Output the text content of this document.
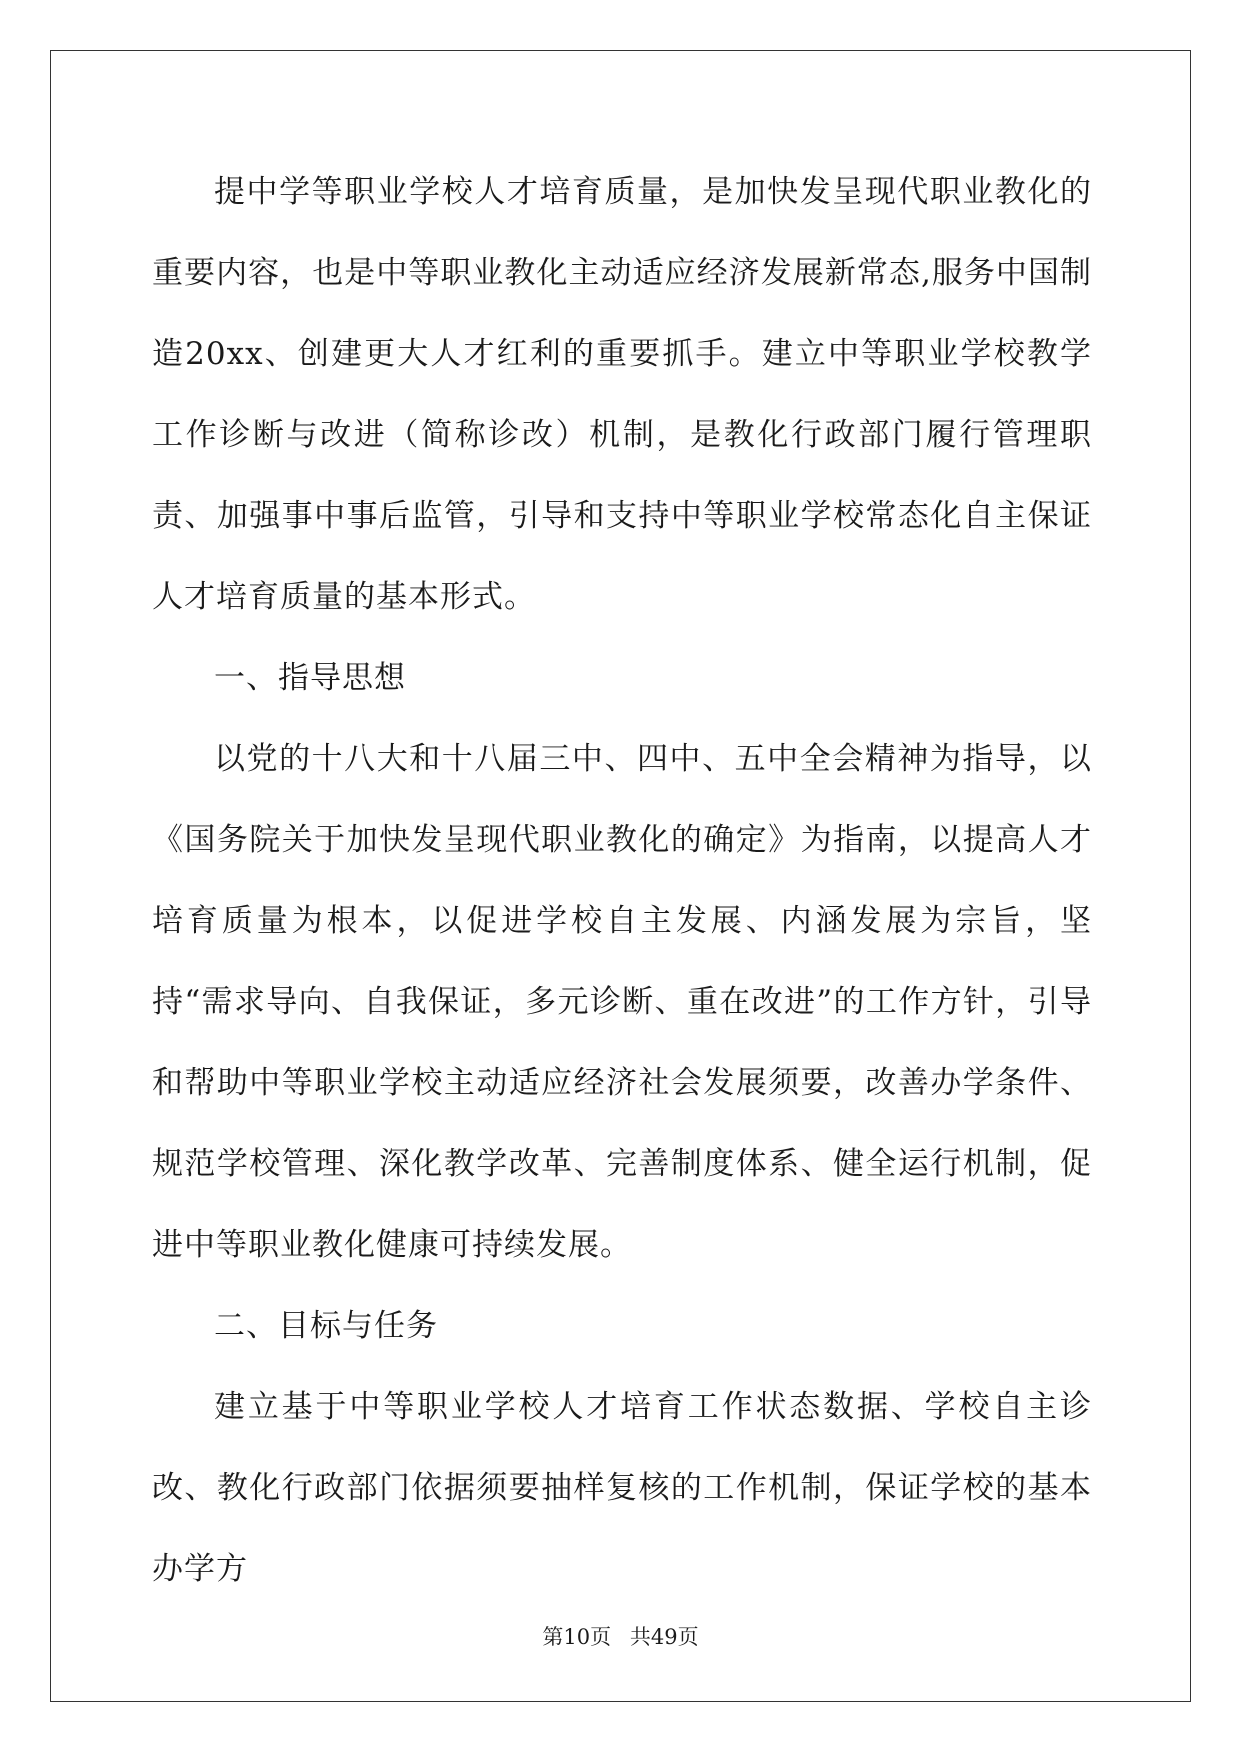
提中学等职业学校人才培育质量，是加快发呈现代职业教化的重要内容，也是中等职业教化主动适应经济发展新常态,服务中国制造20xx、创建更大人才红利的重要抓手。建立中等职业学校教学工作诊断与改进（简称诊改）机制，是教化行政部门履行管理职责、加强事中事后监管，引导和支持中等职业学校常态化自主保证人才培育质量的基本形式。

一、指导思想

以党的十八大和十八届三中、四中、五中全会精神为指导，以《国务院关于加快发呈现代职业教化的确定》为指南，以提高人才培育质量为根本，以促进学校自主发展、内涵发展为宗旨，坚持“需求导向、自我保证，多元诊断、重在改进”的工作方针，引导和帮助中等职业学校主动适应经济社会发展须要，改善办学条件、规范学校管理、深化教学改革、完善制度体系、健全运行机制，促进中等职业教化健康可持续发展。

二、目标与任务

建立基于中等职业学校人才培育工作状态数据、学校自主诊改、教化行政部门依据须要抽样复核的工作机制，保证学校的基本办学方

第10页 共49页
